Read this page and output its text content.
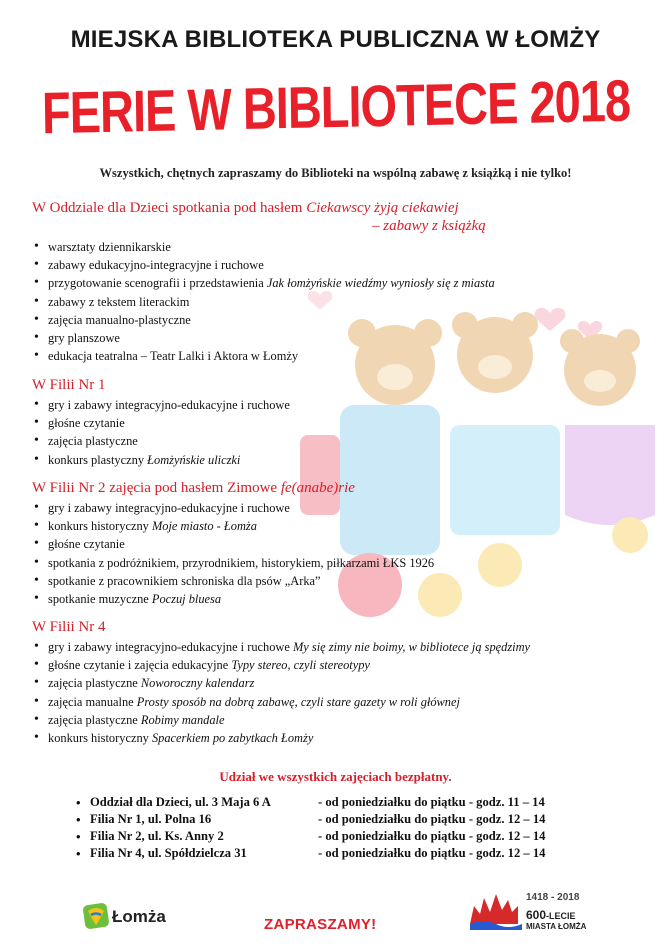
MIEJSKA BIBLIOTEKA PUBLICZNA W ŁOMŻY
FERIE W BIBLIOTECE 2018
Wszystkich, chętnych zapraszamy do Biblioteki na wspólną zabawę z książką i nie tylko!
W Oddziale dla Dzieci spotkania pod hasłem Ciekawscy żyją ciekawiej
– zabawy z książką
• warsztaty dziennikarskie
• zabawy edukacyjno-integracyjne i ruchowe
• przygotowanie scenografii i przedstawienia Jak łomżyńskie wiedźmy wyniosły się z miasta
• zabawy z tekstem literackim
• zajęcia manualno-plastyczne
• gry planszowe
• edukacja teatralna – Teatr Lalki i Aktora w Łomży
W Filii Nr 1
• gry i zabawy integracyjno-edukacyjne i ruchowe
• głośne czytanie
• zajęcia plastyczne
• konkurs plastyczny Łomżyńskie uliczki
W Filii Nr 2 zajęcia pod hasłem Zimowe fe(anabe)rie
• gry i zabawy integracyjno-edukacyjne i ruchowe
• konkurs historyczny Moje miasto - Łomża
• głośne czytanie
• spotkania z podróżnikiem, przyrodnikiem, historykiem, piłkarzami ŁKS 1926
• spotkanie z pracownikiem schroniska dla psów „Arka”
• spotkanie muzyczne Poczuj bluesa
W Filii Nr 4
• gry i zabawy integracyjno-edukacyjne i ruchowe My się zimy nie boimy, w bibliotece ją spędzimy
• głośne czytanie i zajęcia edukacyjne Typy stereo, czyli stereotypy
• zajęcia plastyczne Noworoczny kalendarz
• zajęcia manualne Prosty sposób na dobrą zabawę, czyli stare gazety w roli głównej
• zajęcia plastyczne Robimy mandale
• konkurs historyczny Spacerkiem po zabytkach Łomży
Udział we wszystkich zajęciach bezpłatny.
•	Oddział dla Dzieci, ul. 3 Maja 6 A	- od poniedziałku do piątku - godz. 11 – 14
•	Filia Nr 1, ul. Polna 16	- od poniedziałku do piątku - godz. 12 – 14
•	Filia Nr 2, ul. Ks. Anny 2	- od poniedziałku do piątku - godz. 12 – 14
•	Filia Nr 4, ul. Spółdzielcza 31	- od poniedziałku do piątku - godz. 12 – 14
Łomża	ZAPRASZAMY!
1418 - 2018
600-LECIE
MIASTA ŁOMŻA
